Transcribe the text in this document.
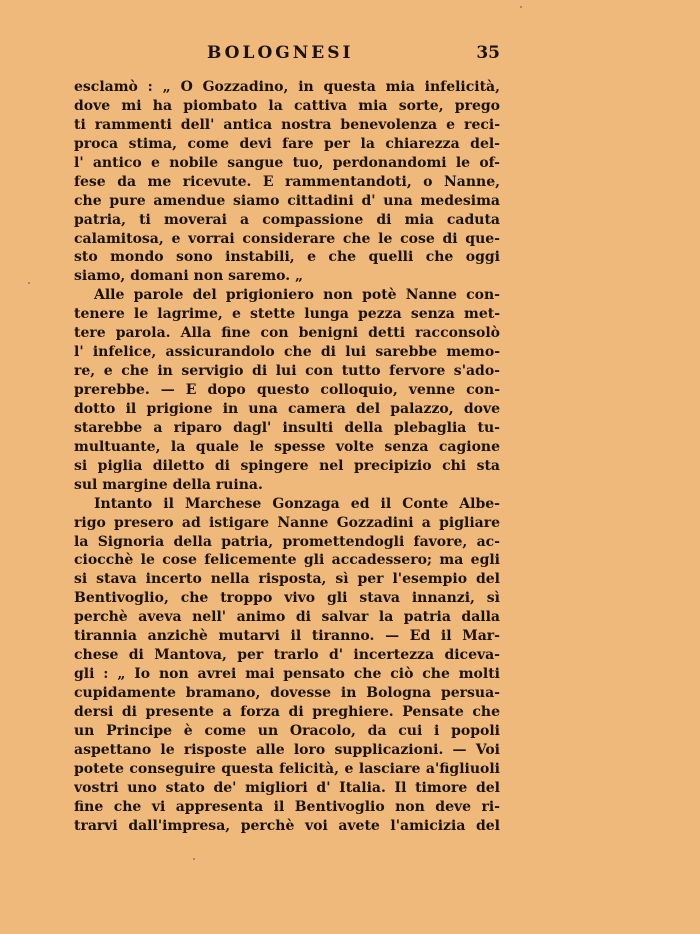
BOLOGNESI	35
esclamò : „ O Gozzadino, in questa mia infelicità,
dove mi ha piombato la cattiva mia sorte, prego
ti rammenti dell' antica nostra benevolenza e reci-
proca stima, come devi fare per la chiarezza del-
l' antico e nobile sangue tuo, perdonandomi le of-
fese da me ricevute. E rammentandoti, o Nanne,
che pure amendue siamo cittadini d' una medesima
patria, ti moverai a compassione di mia caduta
calamitosa, e vorrai considerare che le cose di que-
sto mondo sono instabili, e che quelli che oggi
siamo, domani non saremo. „
Alle parole del prigioniero non potè Nanne con-
tenere le lagrime, e stette lunga pezza senza met-
tere parola. Alla fine con benigni detti racconsolò
l' infelice, assicurandolo che di lui sarebbe memo-
re, e che in servigio di lui con tutto fervore s'ado-
prerebbe. — E dopo questo colloquio, venne con-
dotto il prigione in una camera del palazzo, dove
starebbe a riparo dagl' insulti della plebaglia tu-
multuante, la quale le spesse volte senza cagione
si piglia diletto di spingere nel precipizio chi sta
sul margine della ruina.
Intanto il Marchese Gonzaga ed il Conte Albe-
rigo presero ad istigare Nanne Gozzadini a pigliare
la Signoria della patria, promettendogli favore, ac-
ciocchè le cose felicemente gli accadessero; ma egli
si stava incerto nella risposta, sì per l'esempio del
Bentivoglio, che troppo vivo gli stava innanzi, sì
perchè aveva nell' animo di salvar la patria dalla
tirannia anzichè mutarvi il tiranno. — Ed il Mar-
chese di Mantova, per trarlo d' incertezza diceva-
gli : „ Io non avrei mai pensato che ciò che molti
cupidamente bramano, dovesse in Bologna persua-
dersi di presente a forza di preghiere. Pensate che
un Principe è come un Oracolo, da cui i popoli
aspettano le risposte alle loro supplicazioni. — Voi
potete conseguire questa felicità, e lasciare a'figliuoli
vostri uno stato de' migliori d' Italia. Il timore del
fine che vi appresenta il Bentivoglio non deve ri-
trarvi dall'impresa, perchè voi avete l'amicizia del
